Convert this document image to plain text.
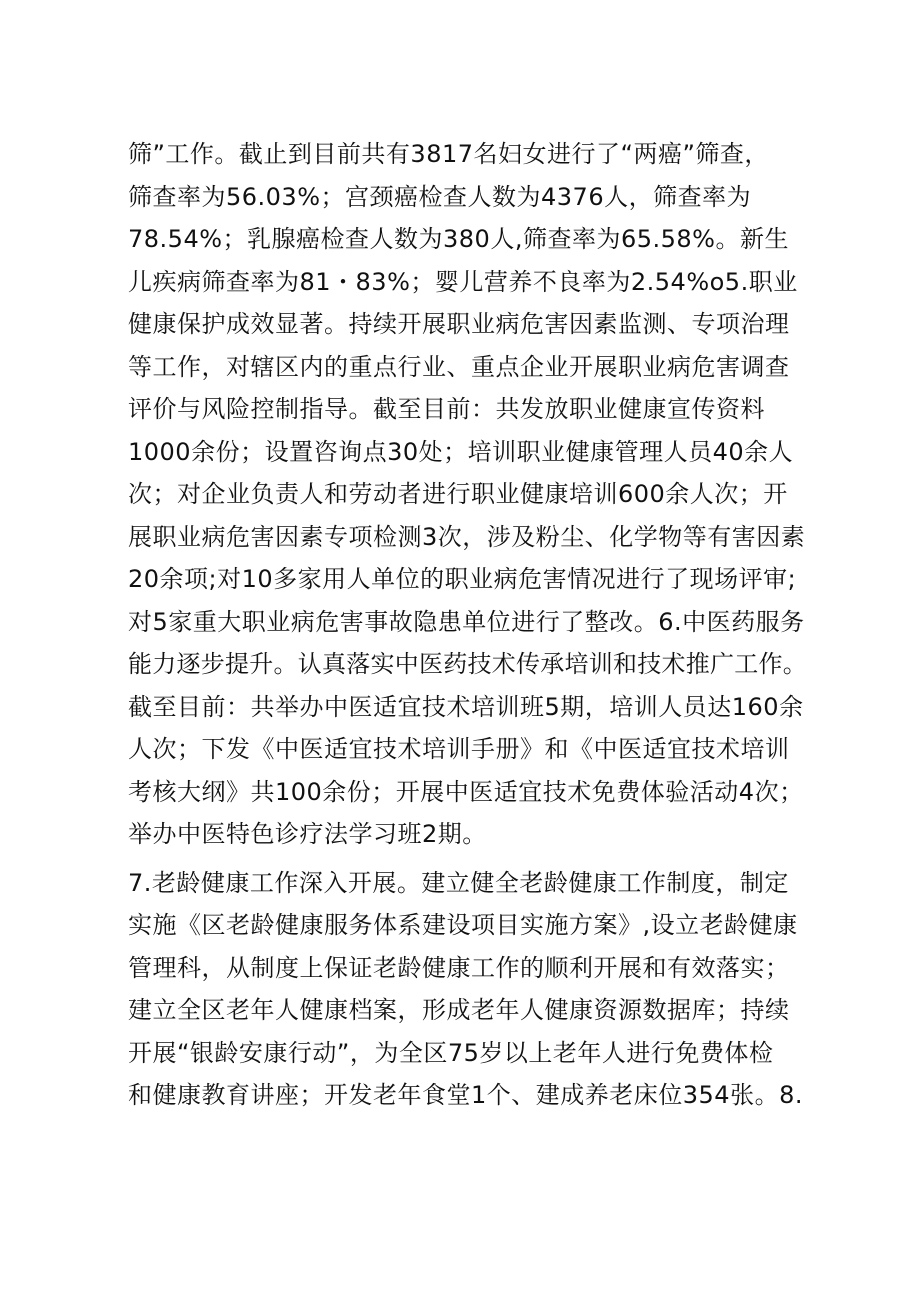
筛”工作。截止到目前共有3817名妇女进行了“两癌”筛查，
筛查率为56.03%；宫颈癌检查人数为4376人，筛查率为
78.54%；乳腺癌检查人数为380人,筛查率为65.58%。新生
儿疾病筛查率为81・83%；婴儿营养不良率为2.54%o5.职业
健康保护成效显著。持续开展职业病危害因素监测、专项治理
等工作，对辖区内的重点行业、重点企业开展职业病危害调查
评价与风险控制指导。截至目前：共发放职业健康宣传资料
1000余份；设置咨询点30处；培训职业健康管理人员40余人
次；对企业负责人和劳动者进行职业健康培训600余人次；开
展职业病危害因素专项检测3次，涉及粉尘、化学物等有害因素
20余项;对10多家用人单位的职业病危害情况进行了现场评审;
对5家重大职业病危害事故隐患单位进行了整改。6.中医药服务
能力逐步提升。认真落实中医药技术传承培训和技术推广工作。
截至目前：共举办中医适宜技术培训班5期，培训人员达160余
人次；下发《中医适宜技术培训手册》和《中医适宜技术培训
考核大纲》共100余份；开展中医适宜技术免费体验活动4次；
举办中医特色诊疗法学习班2期。
7.老龄健康工作深入开展。建立健全老龄健康工作制度，制定
实施《区老龄健康服务体系建设项目实施方案》,设立老龄健康
管理科，从制度上保证老龄健康工作的顺利开展和有效落实；
建立全区老年人健康档案，形成老年人健康资源数据库；持续
开展“银龄安康行动”，为全区75岁以上老年人进行免费体检
和健康教育讲座；开发老年食堂1个、建成养老床位354张。8.
